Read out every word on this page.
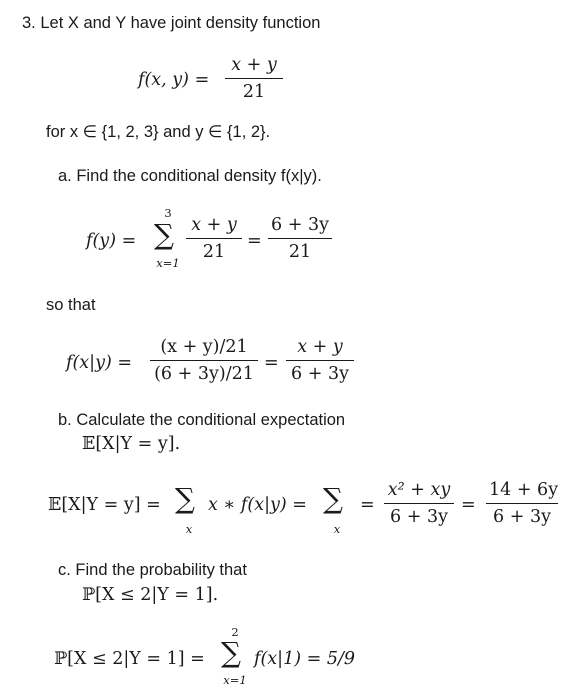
3. Let X and Y have joint density function
f(x, y) =
x + y
21
for x ∈ {1, 2, 3} and y ∈ {1, 2}.
a. Find the conditional density f(x|y).
f(y) =
3
∑
x=1
x + y
21
=
6 + 3y
21
so that
f(x|y) =
(x + y)/21
(6 + 3y)/21
=
x + y
6 + 3y
b. Calculate the conditional expectation
𝔼[X|Y = y].
𝔼[X|Y = y] = ∑
x
x ∗ f(x|y) = ∑
x
=
x² + xy
6 + 3y
=
14 + 6y
6 + 3y
c. Find the probability that
ℙ[X ≤ 2|Y = 1].
ℙ[X ≤ 2|Y = 1] =
2
∑
x=1
f(x|1) = 5/9
